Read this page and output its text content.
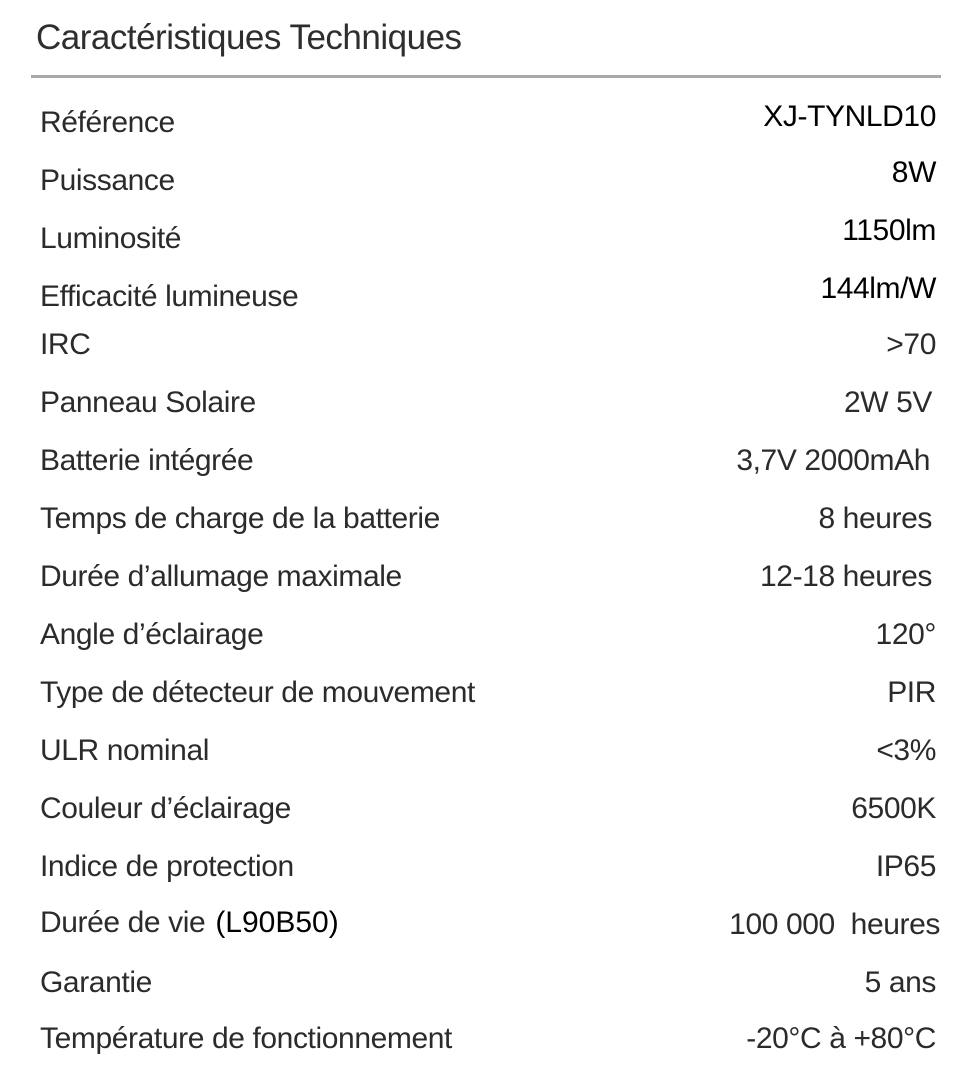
Caractéristiques Techniques
Référence	XJ-TYNLD10
Puissance	8W
Luminosité	1150lm
Efficacité lumineuse	144lm/W
IRC	>70
Panneau Solaire	2W 5V
Batterie intégrée	3,7V 2000mAh
Temps de charge de la batterie	8 heures
Durée d’allumage maximale	12-18 heures
Angle d’éclairage	120°
Type de détecteur de mouvement	PIR
ULR nominal	<3%
Couleur d’éclairage	6500K
Indice de protection	IP65
Durée de vie (L90B50)	100 000  heures
Garantie	5 ans
Température de fonctionnement	-20°C à +80°C
